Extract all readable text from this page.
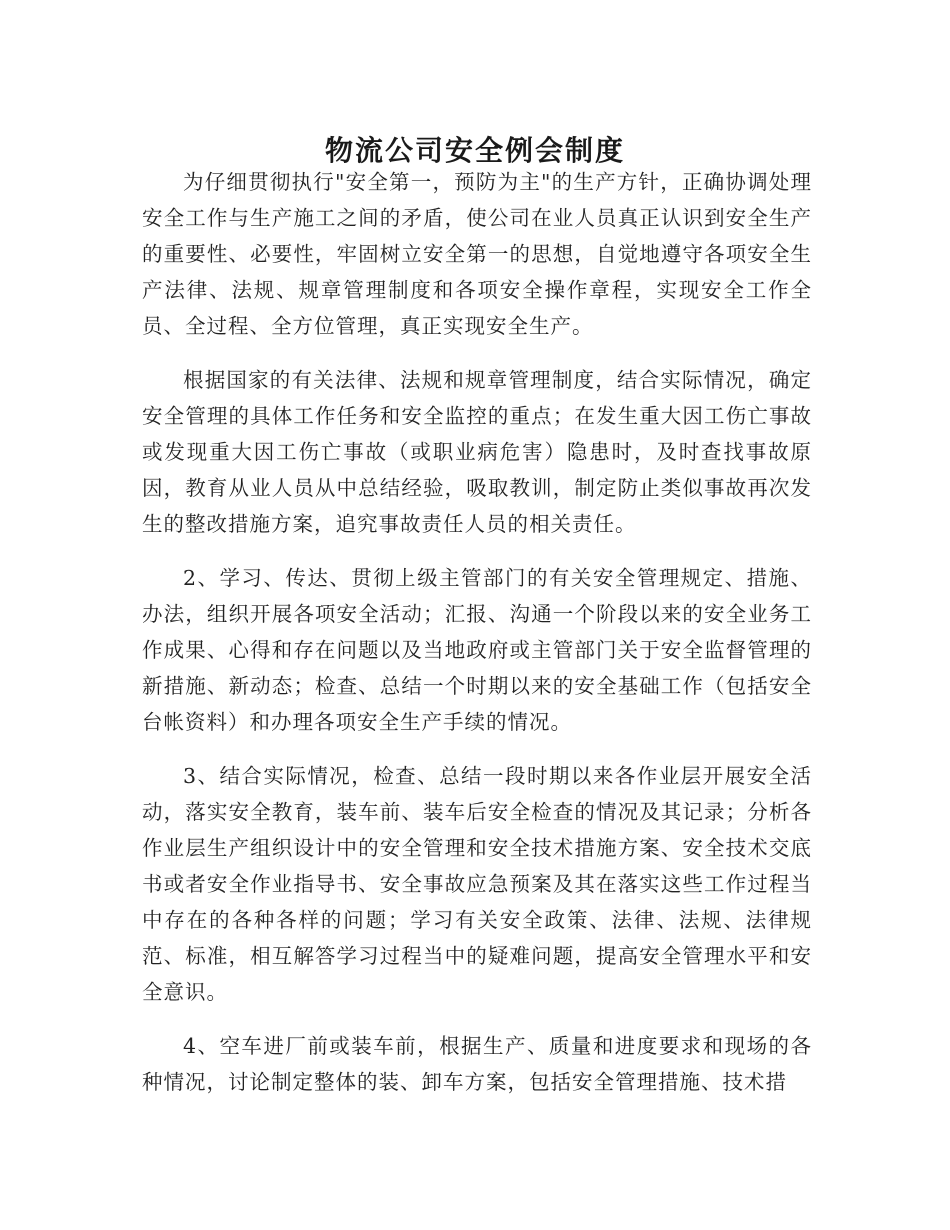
物流公司安全例会制度

为仔细贯彻执行"安全第一，预防为主"的生产方针，正确协调处理安全工作与生产施工之间的矛盾，使公司在业人员真正认识到安全生产的重要性、必要性，牢固树立安全第一的思想，自觉地遵守各项安全生产法律、法规、规章管理制度和各项安全操作章程，实现安全工作全员、全过程、全方位管理，真正实现安全生产。

根据国家的有关法律、法规和规章管理制度，结合实际情况，确定安全管理的具体工作任务和安全监控的重点；在发生重大因工伤亡事故或发现重大因工伤亡事故（或职业病危害）隐患时，及时查找事故原因，教育从业人员从中总结经验，吸取教训，制定防止类似事故再次发生的整改措施方案，追究事故责任人员的相关责任。

2、学习、传达、贯彻上级主管部门的有关安全管理规定、措施、办法，组织开展各项安全活动；汇报、沟通一个阶段以来的安全业务工作成果、心得和存在问题以及当地政府或主管部门关于安全监督管理的新措施、新动态；检查、总结一个时期以来的安全基础工作（包括安全台帐资料）和办理各项安全生产手续的情况。

3、结合实际情况，检查、总结一段时期以来各作业层开展安全活动，落实安全教育，装车前、装车后安全检查的情况及其记录；分析各作业层生产组织设计中的安全管理和安全技术措施方案、安全技术交底书或者安全作业指导书、安全事故应急预案及其在落实这些工作过程当中存在的各种各样的问题；学习有关安全政策、法律、法规、法律规范、标准，相互解答学习过程当中的疑难问题，提高安全管理水平和安全意识。

4、空车进厂前或装车前，根据生产、质量和进度要求和现场的各种情况，讨论制定整体的装、卸车方案，包括安全管理措施、技术措
